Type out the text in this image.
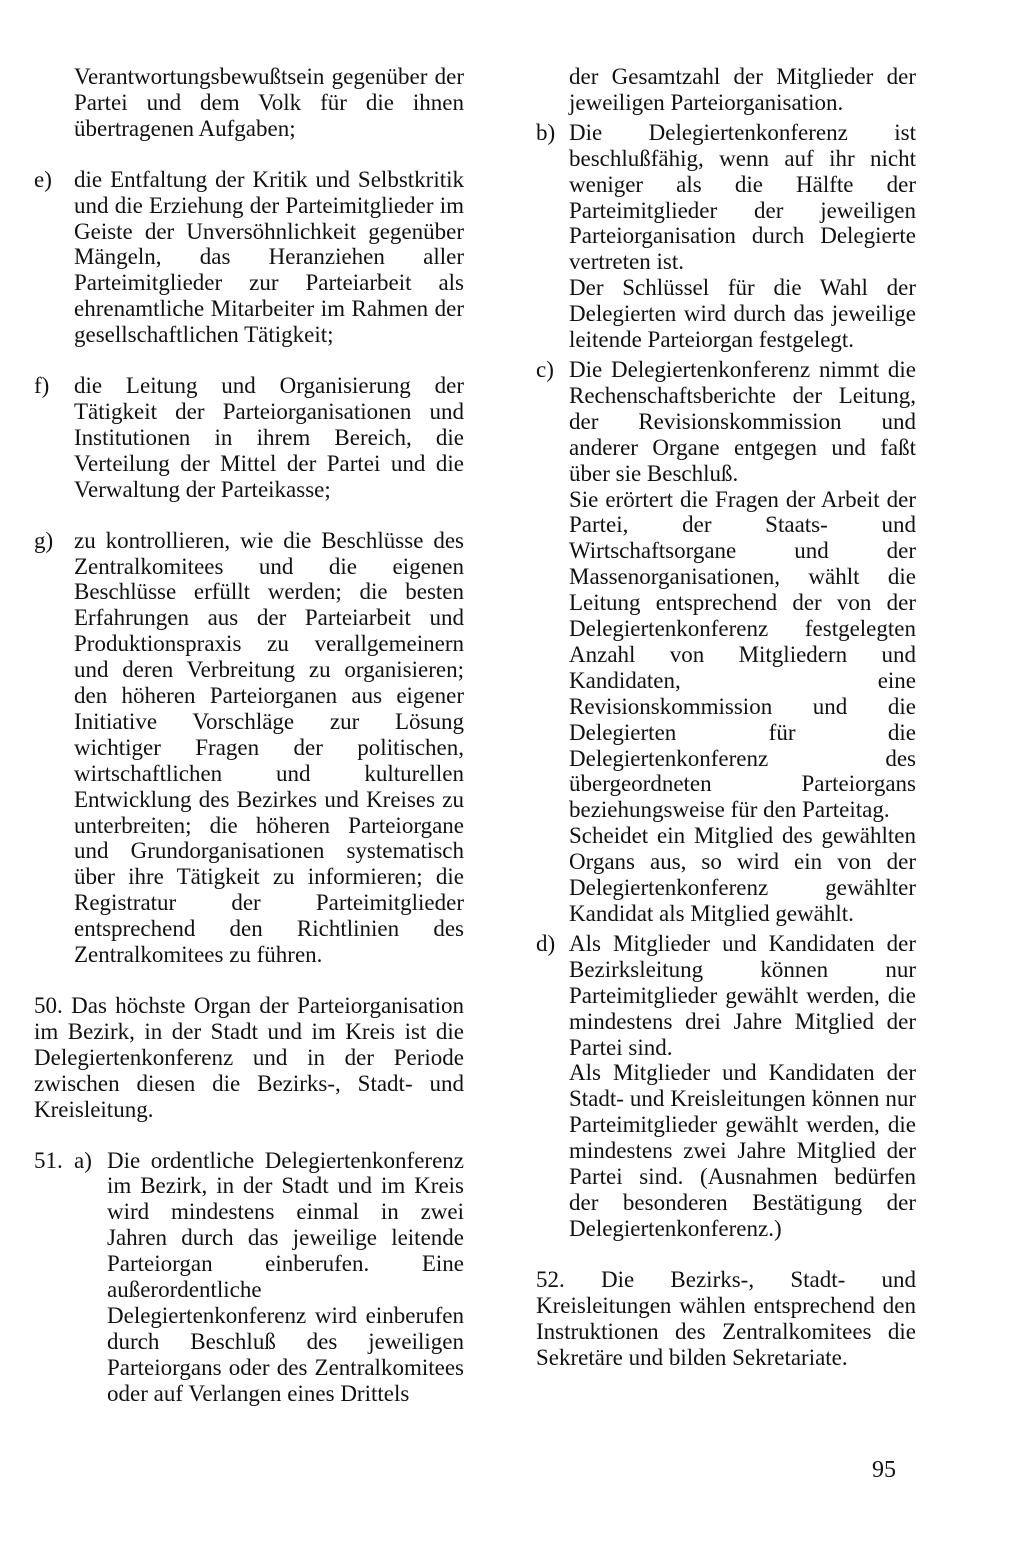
Verantwortungsbewußtsein gegenüber der Partei und dem Volk für die ihnen übertragenen Aufgaben;

e) die Entfaltung der Kritik und Selbstkritik und die Erziehung der Parteimitglieder im Geiste der Unversöhnlichkeit gegenüber Mängeln, das Heranziehen aller Parteimitglieder zur Parteiarbeit als ehrenamtliche Mitarbeiter im Rahmen der gesellschaftlichen Tätigkeit;

f) die Leitung und Organisierung der Tätigkeit der Parteiorganisationen und Institutionen in ihrem Bereich, die Verteilung der Mittel der Partei und die Verwaltung der Parteikasse;

g) zu kontrollieren, wie die Beschlüsse des Zentralkomitees und die eigenen Beschlüsse erfüllt werden; die besten Erfahrungen aus der Parteiarbeit und Produktionspraxis zu verallgemeinern und deren Verbreitung zu organisieren; den höheren Parteiorganen aus eigener Initiative Vorschläge zur Lösung wichtiger Fragen der politischen, wirtschaftlichen und kulturellen Entwicklung des Bezirkes und Kreises zu unterbreiten; die höheren Parteiorgane und Grundorganisationen systematisch über ihre Tätigkeit zu informieren; die Registratur der Parteimitglieder entsprechend den Richtlinien des Zentralkomitees zu führen.

50. Das höchste Organ der Parteiorganisation im Bezirk, in der Stadt und im Kreis ist die Delegiertenkonferenz und in der Periode zwischen diesen die Bezirks-, Stadt- und Kreisleitung.

51. a) Die ordentliche Delegiertenkonferenz im Bezirk, in der Stadt und im Kreis wird mindestens einmal in zwei Jahren durch das jeweilige leitende Parteiorgan einberufen. Eine außerordentliche Delegiertenkonferenz wird einberufen durch Beschluß des jeweiligen Parteiorgans oder des Zentralkomitees oder auf Verlangen eines Drittels

der Gesamtzahl der Mitglieder der jeweiligen Parteiorganisation.

b) Die Delegiertenkonferenz ist beschlußfähig, wenn auf ihr nicht weniger als die Hälfte der Parteimitglieder der jeweiligen Parteiorganisation durch Delegierte vertreten ist.

Der Schlüssel für die Wahl der Delegierten wird durch das jeweilige leitende Parteiorgan festgelegt.

c) Die Delegiertenkonferenz nimmt die Rechenschaftsberichte der Leitung, der Revisionskommission und anderer Organe entgegen und faßt über sie Beschluß.

Sie erörtert die Fragen der Arbeit der Partei, der Staats- und Wirtschaftsorgane und der Massenorganisationen, wählt die Leitung entsprechend der von der Delegiertenkonferenz festgelegten Anzahl von Mitgliedern und Kandidaten, eine Revisionskommission und die Delegierten für die Delegiertenkonferenz des übergeordneten Parteiorgans beziehungsweise für den Parteitag.

Scheidet ein Mitglied des gewählten Organs aus, so wird ein von der Delegiertenkonferenz gewählter Kandidat als Mitglied gewählt.

d) Als Mitglieder und Kandidaten der Bezirksleitung können nur Parteimitglieder gewählt werden, die mindestens drei Jahre Mitglied der Partei sind.

Als Mitglieder und Kandidaten der Stadt- und Kreisleitungen können nur Parteimitglieder gewählt werden, die mindestens zwei Jahre Mitglied der Partei sind. (Ausnahmen bedürfen der besonderen Bestätigung der Delegiertenkonferenz.)

52. Die Bezirks-, Stadt- und Kreisleitungen wählen entsprechend den Instruktionen des Zentralkomitees die Sekretäre und bilden Sekretariate.

95
